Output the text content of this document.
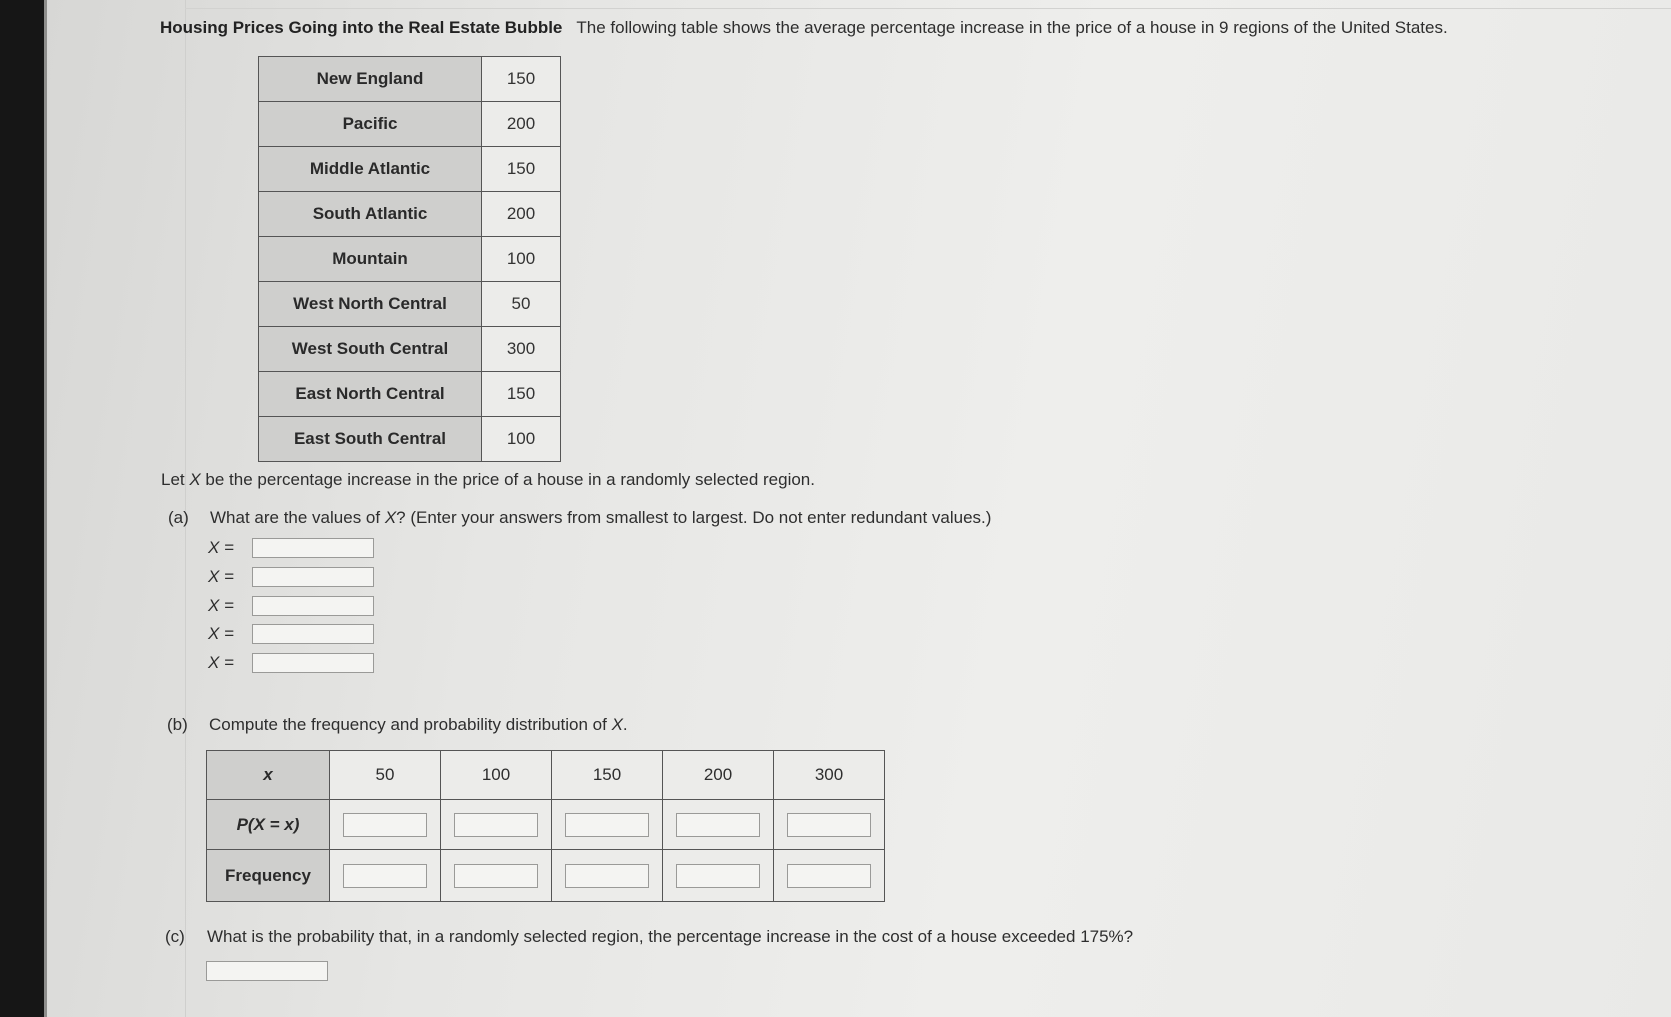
Housing Prices Going into the Real Estate Bubble The following table shows the average percentage increase in the price of a house in 9 regions of the United States.
New England	150
Pacific	200
Middle Atlantic	150
South Atlantic	200
Mountain	100
West North Central	50
West South Central	300
East North Central	150
East South Central	100
Let X be the percentage increase in the price of a house in a randomly selected region.
(a) What are the values of X? (Enter your answers from smallest to largest. Do not enter redundant values.)
X =
X =
X =
X =
X =
(b) Compute the frequency and probability distribution of X.
x	50	100	150	200	300
P(X = x)					
Frequency					
(c) What is the probability that, in a randomly selected region, the percentage increase in the cost of a house exceeded 175%?
